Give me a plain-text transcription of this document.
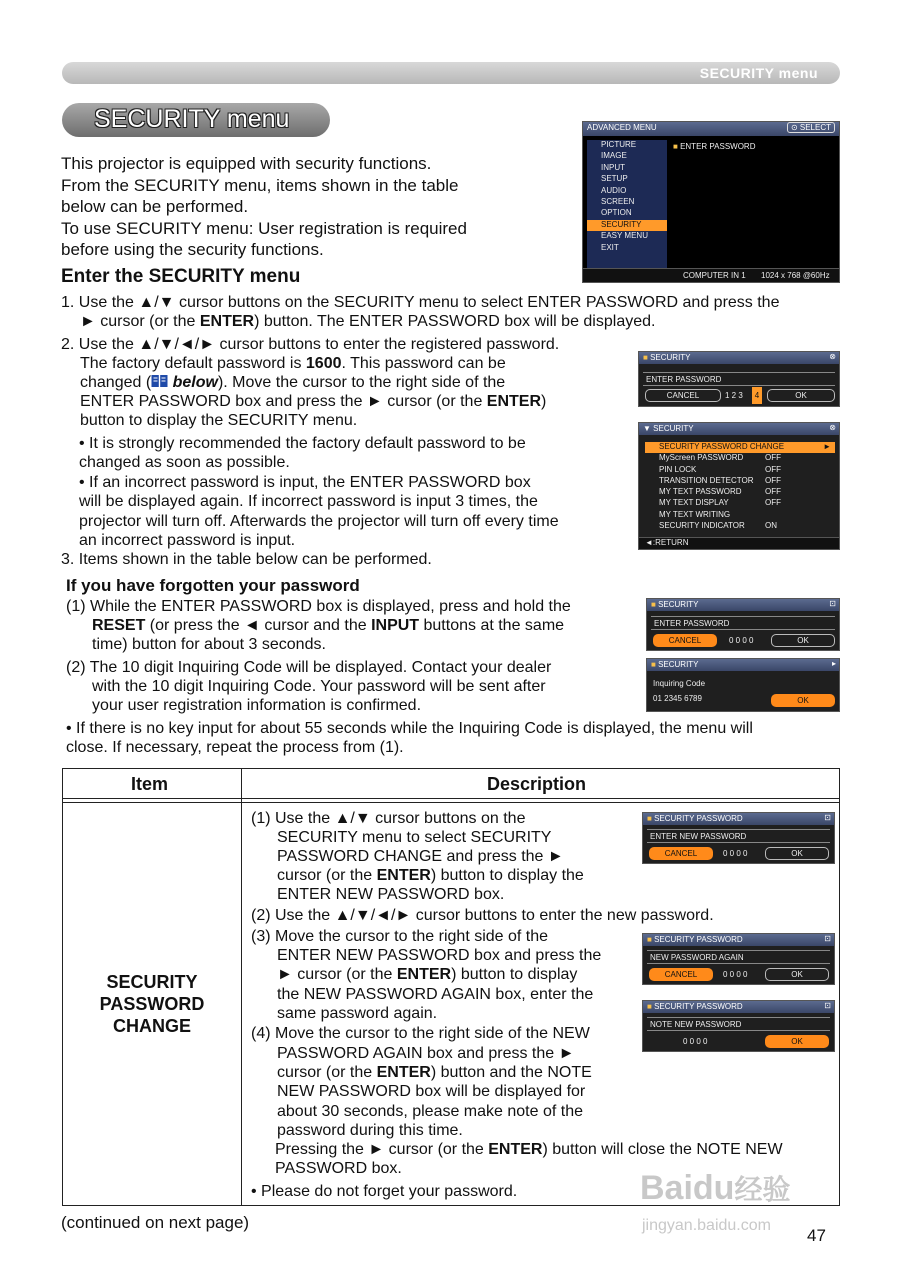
SECURITY menu
SECURITY menu
This projector is equipped with security functions.
From the SECURITY menu, items shown in the table
below can be performed.
To use SECURITY menu: User registration is required
before using the security functions.
Enter the SECURITY menu
1. Use the ▲/▼ cursor buttons on the SECURITY menu to select ENTER PASSWORD and press the
► cursor (or the ENTER) button. The ENTER PASSWORD box will be displayed.
2. Use the ▲/▼/◄/► cursor buttons to enter the registered password.
The factory default password is 1600. This password can be
changed ( below). Move the cursor to the right side of the
ENTER PASSWORD box and press the ► cursor (or the ENTER)
button to display the SECURITY menu.
• It is strongly recommended the factory default password to be
changed as soon as possible.
• If an incorrect password is input, the ENTER PASSWORD box
will be displayed again. If incorrect password is input 3 times, the
projector will turn off. Afterwards the projector will turn off every time
an incorrect password is input.
3. Items shown in the table below can be performed.
If you have forgotten your password
(1) While the ENTER PASSWORD box is displayed, press and hold the
RESET (or press the ◄ cursor and the INPUT buttons at the same
time) button for about 3 seconds.
(2) The 10 digit Inquiring Code will be displayed. Contact your dealer
with the 10 digit Inquiring Code. Your password will be sent after
your user registration information is confirmed.
• If there is no key input for about 55 seconds while the Inquiring Code is displayed, the menu will
close. If necessary, repeat the process from (1).
ADVANCED MENU	⊙ SELECT
PICTURE
IMAGE
INPUT
SETUP
AUDIO
SCREEN
OPTION
SECURITY
EASY MENU
EXIT
■ ENTER PASSWORD
COMPUTER IN 1 1024 x 768 @60Hz
■ SECURITY	⊗
ENTER PASSWORD
CANCEL	1 2 3	4	OK
▼ SECURITY	⊗
SECURITY PASSWORD CHANGE	►
MyScreen PASSWORD	OFF
PIN LOCK	OFF
TRANSITION DETECTOR OFF
MY TEXT PASSWORD	OFF
MY TEXT DISPLAY	OFF
MY TEXT WRITING
SECURITY INDICATOR	ON
◄:RETURN
■ SECURITY	⊡
ENTER PASSWORD
CANCEL	0 0 0 0	OK
■ SECURITY	▸
Inquiring Code
01 2345 6789	OK
Item	Description
SECURITY
PASSWORD
CHANGE
(1) Use the ▲/▼ cursor buttons on the
SECURITY menu to select SECURITY
PASSWORD CHANGE and press the ►
cursor (or the ENTER) button to display the
ENTER NEW PASSWORD box.
(2) Use the ▲/▼/◄/► cursor buttons to enter the new password.
(3) Move the cursor to the right side of the
ENTER NEW PASSWORD box and press the
► cursor (or the ENTER) button to display
the NEW PASSWORD AGAIN box, enter the
same password again.
(4) Move the cursor to the right side of the NEW
PASSWORD AGAIN box and press the ►
cursor (or the ENTER) button and the NOTE
NEW PASSWORD box will be displayed for
about 30 seconds, please make note of the
password during this time.
Pressing the ► cursor (or the ENTER) button will close the NOTE NEW
PASSWORD box.
• Please do not forget your password.
■ SECURITY PASSWORD	⊡
ENTER NEW PASSWORD
CANCEL	0 0 0 0	OK
■ SECURITY PASSWORD	⊡
NEW PASSWORD AGAIN
CANCEL	0 0 0 0	OK
■ SECURITY PASSWORD	⊡
NOTE NEW PASSWORD
0 0 0 0	OK
(continued on next page)
47
Baidu经验
jingyan.baidu.com
